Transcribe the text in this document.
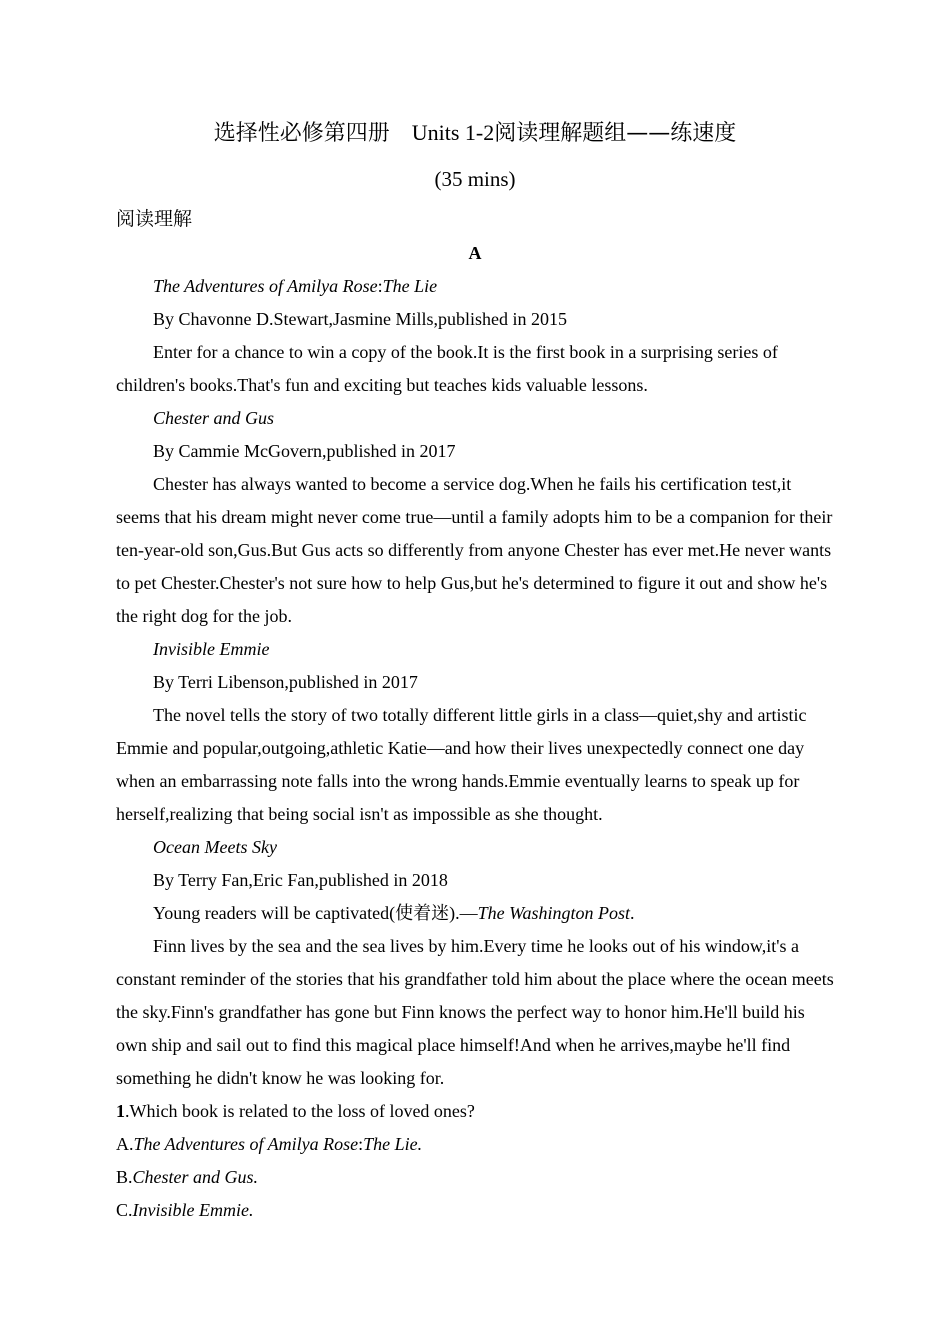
选择性必修第四册 Units 1-2阅读理解题组——练速度
(35 mins)
阅读理解

A

The Adventures of Amilya Rose:The Lie

By Chavonne D.Stewart,Jasmine Mills,published in 2015

Enter for a chance to win a copy of the book.It is the first book in a surprising series of children's books.That's fun and exciting but teaches kids valuable lessons.

Chester and Gus

By Cammie McGovern,published in 2017

Chester has always wanted to become a service dog.When he fails his certification test,it seems that his dream might never come true—until a family adopts him to be a companion for their ten-year-old son,Gus.But Gus acts so differently from anyone Chester has ever met.He never wants to pet Chester.Chester's not sure how to help Gus,but he's determined to figure it out and show he's the right dog for the job.

Invisible Emmie

By Terri Libenson,published in 2017

The novel tells the story of two totally different little girls in a class—quiet,shy and artistic Emmie and popular,outgoing,athletic Katie—and how their lives unexpectedly connect one day when an embarrassing note falls into the wrong hands.Emmie eventually learns to speak up for herself,realizing that being social isn't as impossible as she thought.

Ocean Meets Sky

By Terry Fan,Eric Fan,published in 2018

Young readers will be captivated(使着迷).—The Washington Post.

Finn lives by the sea and the sea lives by him.Every time he looks out of his window,it's a constant reminder of the stories that his grandfather told him about the place where the ocean meets the sky.Finn's grandfather has gone but Finn knows the perfect way to honor him.He'll build his own ship and sail out to find this magical place himself!And when he arrives,maybe he'll find something he didn't know he was looking for.

1.Which book is related to the loss of loved ones?

A.The Adventures of Amilya Rose:The Lie.

B.Chester and Gus.

C.Invisible Emmie.
